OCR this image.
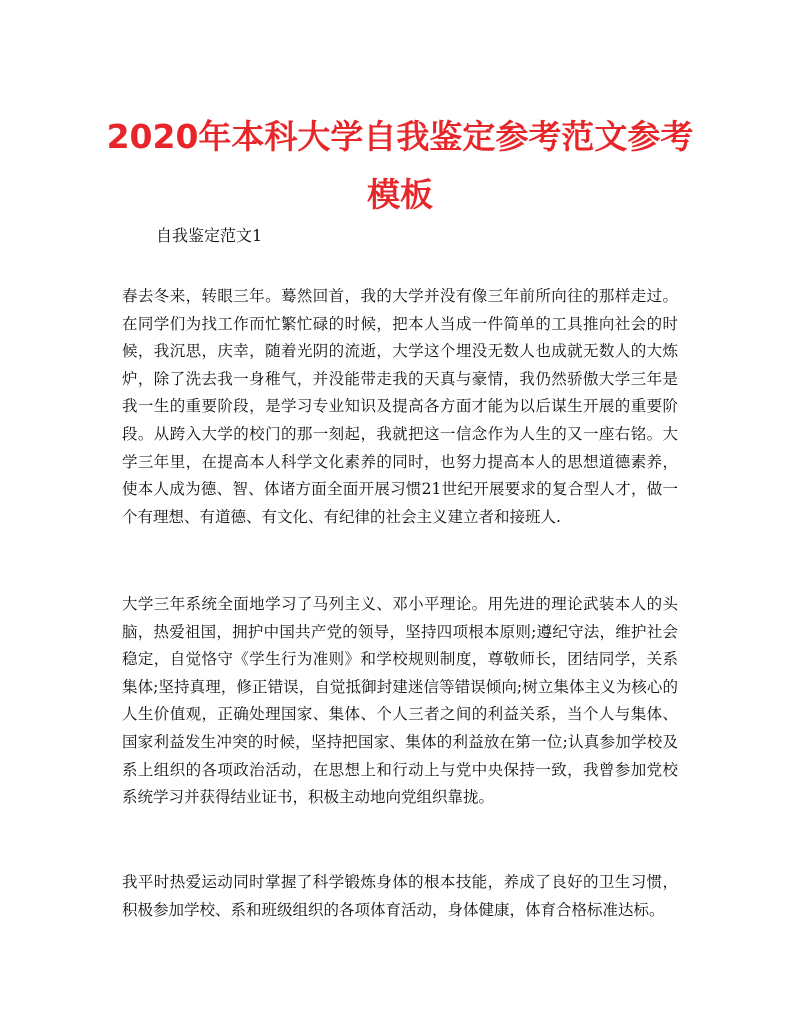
2020年本科大学自我鉴定参考范文参考模板

自我鉴定范文1

春去冬来，转眼三年。蓦然回首，我的大学并没有像三年前所向往的那样走过。在同学们为找工作而忙繁忙碌的时候，把本人当成一件简单的工具推向社会的时候，我沉思，庆幸，随着光阴的流逝，大学这个埋没无数人也成就无数人的大炼炉，除了洗去我一身稚气，并没能带走我的天真与豪情，我仍然骄傲大学三年是我一生的重要阶段，是学习专业知识及提高各方面才能为以后谋生开展的重要阶段。从跨入大学的校门的那一刻起，我就把这一信念作为人生的又一座右铭。大学三年里，在提高本人科学文化素养的同时，也努力提高本人的思想道德素养，使本人成为德、智、体诸方面全面开展习惯21世纪开展要求的复合型人才，做一个有理想、有道德、有文化、有纪律的社会主义建立者和接班人.

大学三年系统全面地学习了马列主义、邓小平理论。用先进的理论武装本人的头脑，热爱祖国，拥护中国共产党的领导，坚持四项根本原则;遵纪守法，维护社会稳定，自觉恪守《学生行为准则》和学校规则制度，尊敬师长，团结同学，关系集体;坚持真理，修正错误，自觉抵御封建迷信等错误倾向;树立集体主义为核心的人生价值观，正确处理国家、集体、个人三者之间的利益关系，当个人与集体、国家利益发生冲突的时候，坚持把国家、集体的利益放在第一位;认真参加学校及系上组织的各项政治活动，在思想上和行动上与党中央保持一致，我曾参加党校系统学习并获得结业证书，积极主动地向党组织靠拢。

我平时热爱运动同时掌握了科学锻炼身体的根本技能，养成了良好的卫生习惯，积极参加学校、系和班级组织的各项体育活动，身体健康，体育合格标准达标。
